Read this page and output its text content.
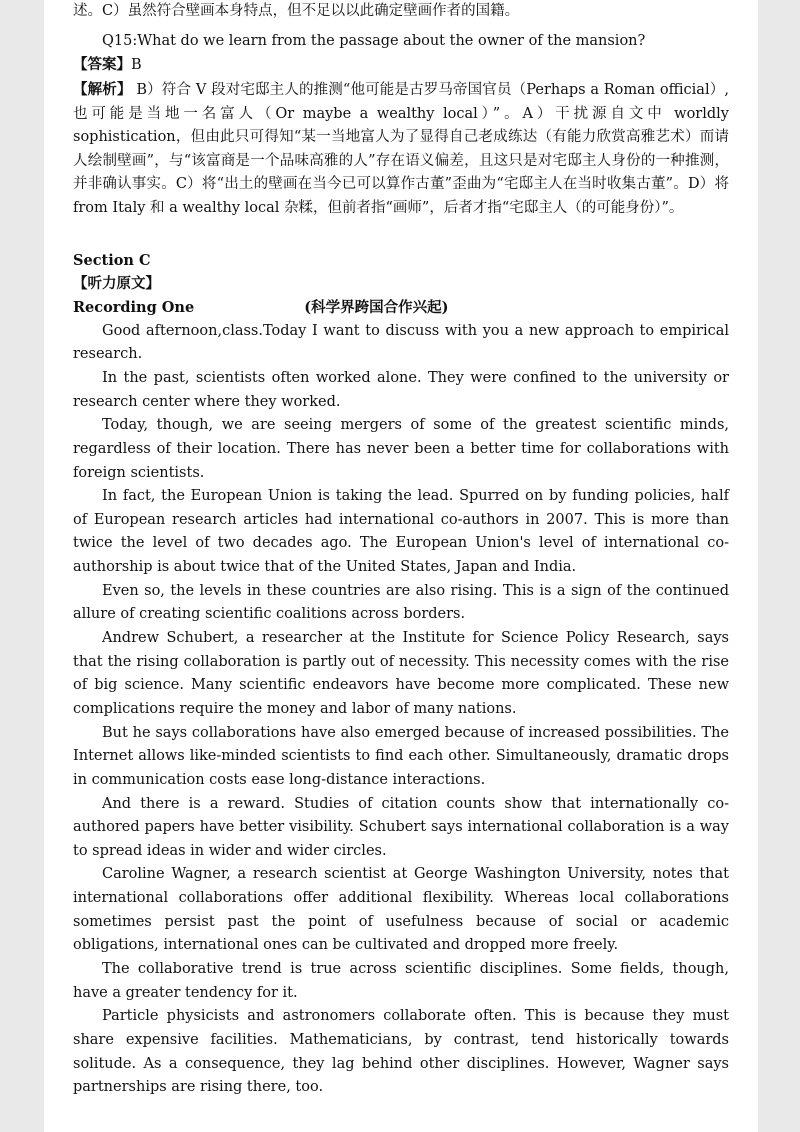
述。C）虽然符合壁画本身特点，但不足以以此确定壁画作者的国籍。

Q15:What do we learn from the passage about the owner of the mansion?

【答案】B

【解析】 B）符合 V 段对宅邸主人的推测“他可能是古罗马帝国官员（Perhaps a Roman official）,也可能是当地一名富人（Or maybe a wealthy local）”。A）干扰源自文中 worldly sophistication，但由此只可得知“某一当地富人为了显得自己老成练达（有能力欣赏高雅艺术）而请人绘制壁画”，与“该富商是一个品味高雅的人”存在语义偏差，且这只是对宅邸主人身份的一种推测，并非确认事实。C）将“出土的壁画在当今已可以算作古董”歪曲为“宅邸主人在当时收集古董”。D）将 from Italy 和 a wealthy local 杂糅，但前者指“画师”，后者才指“宅邸主人（的可能身份）”。

Section C

【听力原文】

Recording One	(科学界跨国合作兴起)

Good afternoon,class.Today I want to discuss with you a new approach to empirical research.

In the past, scientists often worked alone. They were confined to the university or research center where they worked.

Today, though, we are seeing mergers of some of the greatest scientific minds, regardless of their location. There has never been a better time for collaborations with foreign scientists.

In fact, the European Union is taking the lead. Spurred on by funding policies, half of European research articles had international co-authors in 2007. This is more than twice the level of two decades ago. The European Union's level of international co-authorship is about twice that of the United States, Japan and India.

Even so, the levels in these countries are also rising. This is a sign of the continued allure of creating scientific coalitions across borders.

Andrew Schubert, a researcher at the Institute for Science Policy Research, says that the rising collaboration is partly out of necessity. This necessity comes with the rise of big science. Many scientific endeavors have become more complicated. These new complications require the money and labor of many nations.

But he says collaborations have also emerged because of increased possibilities. The Internet allows like-minded scientists to find each other. Simultaneously, dramatic drops in communication costs ease long-distance interactions.

And there is a reward. Studies of citation counts show that internationally co-authored papers have better visibility. Schubert says international collaboration is a way to spread ideas in wider and wider circles.

Caroline Wagner, a research scientist at George Washington University, notes that international collaborations offer additional flexibility. Whereas local collaborations sometimes persist past the point of usefulness because of social or academic obligations, international ones can be cultivated and dropped more freely.

The collaborative trend is true across scientific disciplines. Some fields, though, have a greater tendency for it.

Particle physicists and astronomers collaborate often. This is because they must share expensive facilities. Mathematicians, by contrast, tend historically towards solitude. As a consequence, they lag behind other disciplines. However, Wagner says partnerships are rising there, too.
